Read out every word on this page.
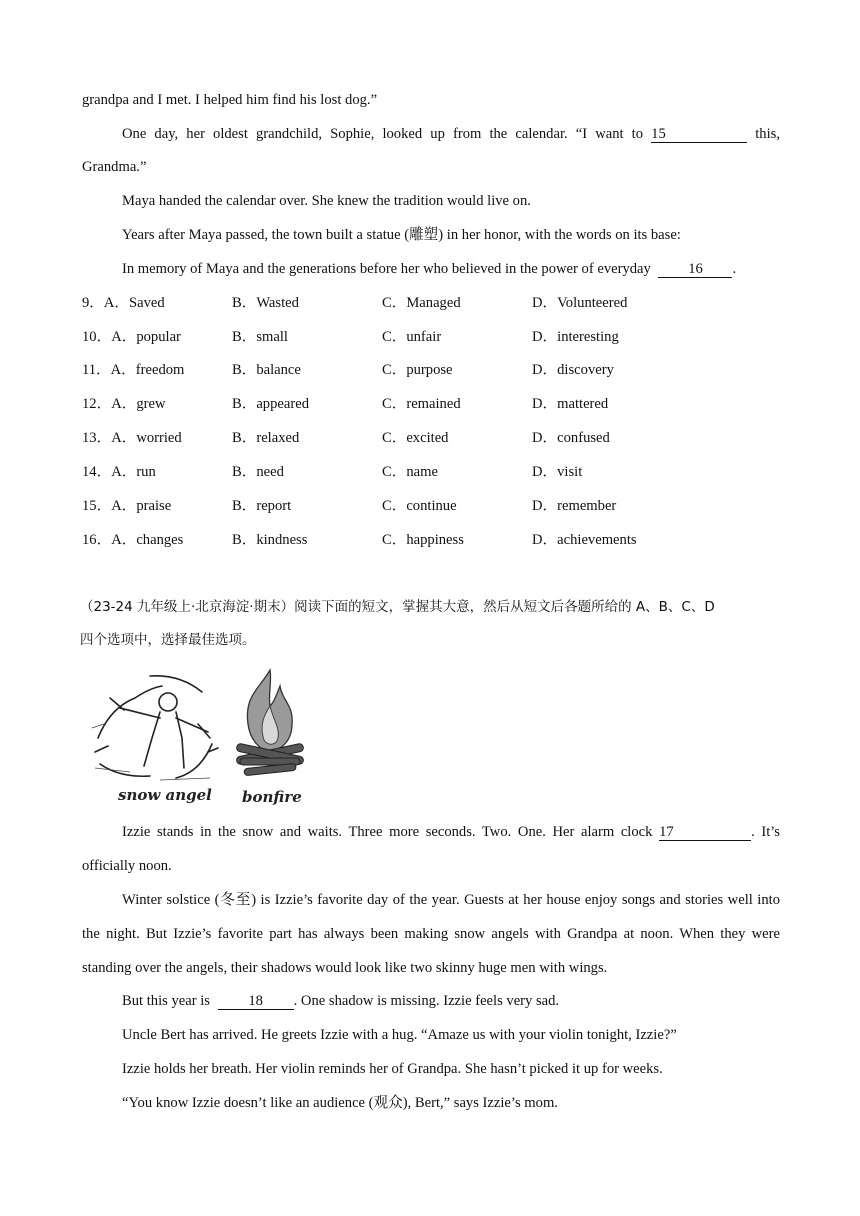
grandpa and I met. I helped him find his lost dog.”
One day, her oldest grandchild, Sophie, looked up from the calendar. “I want to 15	this,
Grandma.”
Maya handed the calendar over. She knew the tradition would live on.
Years after Maya passed, the town built a statue (雕塑) in her honor, with the words on its base:
In memory of Maya and the generations before her who believed in the power of everyday	16 .
9．A．Saved	B．Wasted	C．Managed	D．Volunteered
10．A．popular	B．small	C．unfair	D．interesting
11．A．freedom	B．balance	C．purpose	D．discovery
12．A．grew	B．appeared	C．remained	D．mattered
13．A．worried	B．relaxed	C．excited	D．confused
14．A．run	B．need	C．name	D．visit
15．A．praise	B．report	C．continue	D．remember
16．A．changes	B．kindness	C．happiness	D．achievements
（23-24 九年级上·北京海淀·期末）阅读下面的短文，掌握其大意，然后从短文后各题所给的 A、B、C、D
四个选项中，选择最佳选项。
Izzie stands in the snow and waits. Three more seconds. Two. One. Her alarm clock 17	. It’s
officially noon.
Winter solstice (冬至) is Izzie’s favorite day of the year. Guests at her house enjoy songs and stories well into
the night. But Izzie’s favorite part has always been making snow angels with Grandpa at noon. When they were
standing over the angels, their shadows would look like two skinny huge men with wings.
But this year is	18 . One shadow is missing. Izzie feels very sad.
Uncle Bert has arrived. He greets Izzie with a hug. “Amaze us with your violin tonight, Izzie?”
Izzie holds her breath. Her violin reminds her of Grandpa. She hasn’t picked it up for weeks.
“You know Izzie doesn’t like an audience (观众), Bert,” says Izzie’s mom.
snow angel bonfire
